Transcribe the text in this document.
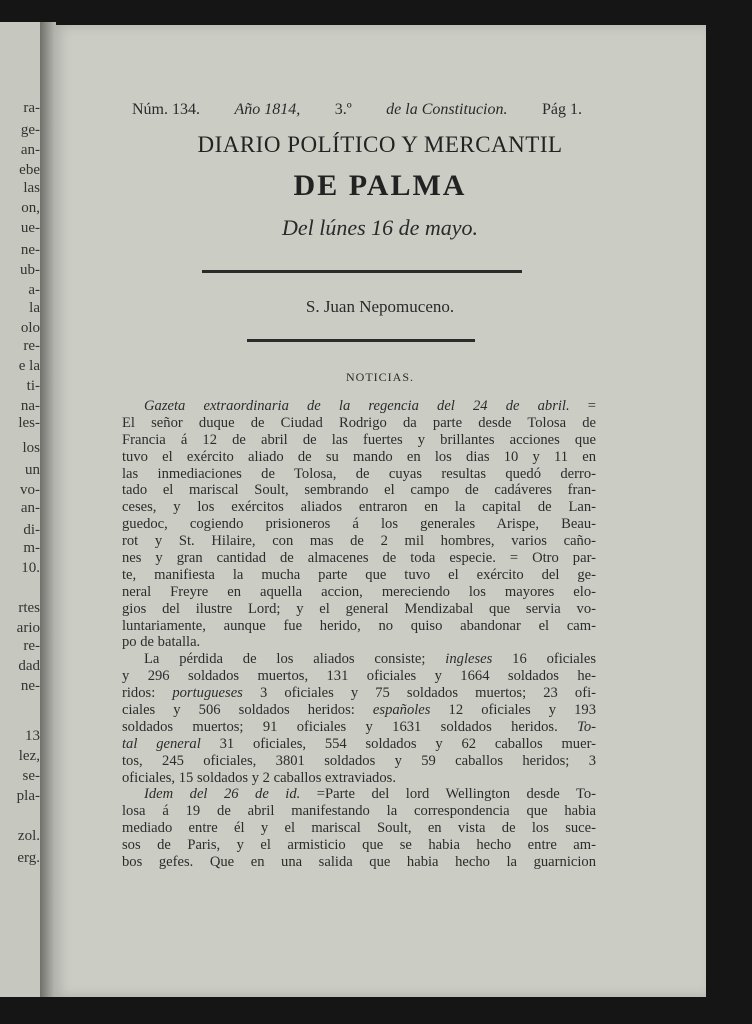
ra-
ge-
an-
ebe
las
on,
ue-
ne-
ub-
a-
la
olo
re-
e la
ti-
na-
les-
los
un
vo-
an-
di-
m-
10.
rtes
ario
re-
dad
ne-
13
lez,
se-
pla-
zol.
erg.
Núm. 134. Año 1814, 3.º de la Constitucion. Pág 1.
DIARIO POLÍTICO Y MERCANTIL
DE PALMA
Del lúnes 16 de mayo.
S. Juan Nepomuceno.
NOTICIAS.
Gazeta extraordinaria de la regencia del 24 de abril. =
El señor duque de Ciudad Rodrigo da parte desde Tolosa de
Francia á 12 de abril de las fuertes y brillantes acciones que
tuvo el exército aliado de su mando en los dias 10 y 11 en
las inmediaciones de Tolosa, de cuyas resultas quedó derro-
tado el mariscal Soult, sembrando el campo de cadáveres fran-
ceses, y los exércitos aliados entraron en la capital de Lan-
guedoc, cogiendo prisioneros á los generales Arispe, Beau-
rot y St. Hilaire, con mas de 2 mil hombres, varios caño-
nes y gran cantidad de almacenes de toda especie. = Otro par-
te, manifiesta la mucha parte que tuvo el exército del ge-
neral Freyre en aquella accion, mereciendo los mayores elo-
gios del ilustre Lord; y el general Mendizabal que servia vo-
luntariamente, aunque fue herido, no quiso abandonar el cam-
po de batalla.
La pérdida de los aliados consiste; ingleses 16 oficiales
y 296 soldados muertos, 131 oficiales y 1664 soldados he-
ridos: portugueses 3 oficiales y 75 soldados muertos; 23 ofi-
ciales y 506 soldados heridos: españoles 12 oficiales y 193
soldados muertos; 91 oficiales y 1631 soldados heridos. To-
tal general 31 oficiales, 554 soldados y 62 caballos muer-
tos, 245 oficiales, 3801 soldados y 59 caballos heridos; 3
oficiales, 15 soldados y 2 caballos extraviados.
Idem del 26 de id. =Parte del lord Wellington desde To-
losa á 19 de abril manifestando la correspondencia que habia
mediado entre él y el mariscal Soult, en vista de los suce-
sos de Paris, y el armisticio que se habia hecho entre am-
bos gefes. Que en una salida que habia hecho la guarnicion
